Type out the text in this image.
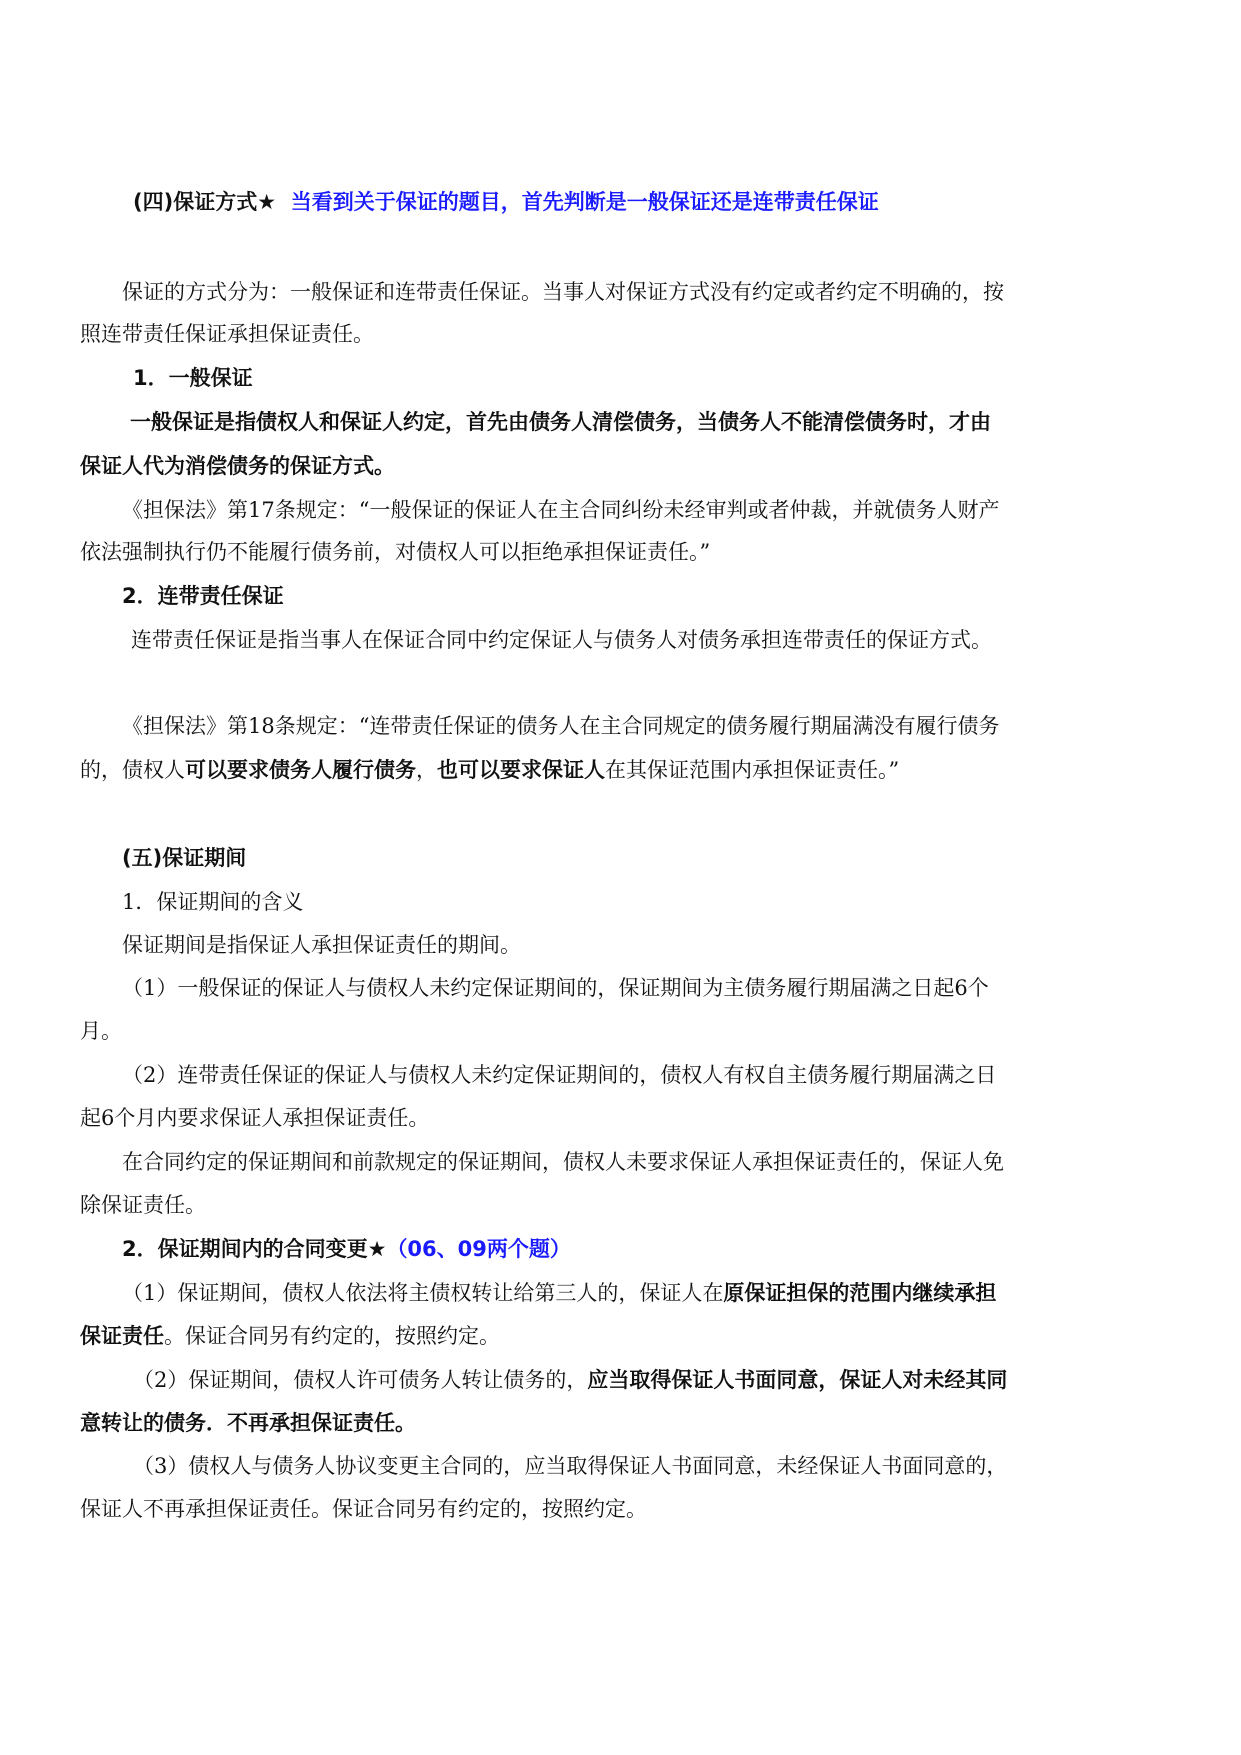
(四)保证方式★ 当看到关于保证的题目，首先判断是一般保证还是连带责任保证
保证的方式分为：一般保证和连带责任保证。当事人对保证方式没有约定或者约定不明确的，按
照连带责任保证承担保证责任。
1．一般保证
一般保证是指债权人和保证人约定，首先由债务人清偿债务，当债务人不能清偿债务时，才由
保证人代为消偿债务的保证方式。
《担保法》第17条规定：“一般保证的保证人在主合同纠纷未经审判或者仲裁，并就债务人财产
依法强制执行仍不能履行债务前，对债权人可以拒绝承担保证责任。”
2．连带责任保证
连带责任保证是指当事人在保证合同中约定保证人与债务人对债务承担连带责任的保证方式。
《担保法》第18条规定：“连带责任保证的债务人在主合同规定的债务履行期届满没有履行债务
的，债权人可以要求债务人履行债务，也可以要求保证人在其保证范围内承担保证责任。”
(五)保证期间
1．保证期间的含义
保证期间是指保证人承担保证责任的期间。
（1）一般保证的保证人与债权人未约定保证期间的，保证期间为主债务履行期届满之日起6个
月。
（2）连带责任保证的保证人与债权人未约定保证期间的，债权人有权自主债务履行期届满之日
起6个月内要求保证人承担保证责任。
在合同约定的保证期间和前款规定的保证期间，债权人未要求保证人承担保证责任的，保证人免
除保证责任。
2．保证期间内的合同变更★（06、09两个题）
（1）保证期间，债权人依法将主债权转让给第三人的，保证人在原保证担保的范围内继续承担
保证责任。保证合同另有约定的，按照约定。
（2）保证期间，债权人许可债务人转让债务的，应当取得保证人书面同意，保证人对未经其同
意转让的债务．不再承担保证责任。
（3）债权人与债务人协议变更主合同的，应当取得保证人书面同意，未经保证人书面同意的，
保证人不再承担保证责任。保证合同另有约定的，按照约定。
